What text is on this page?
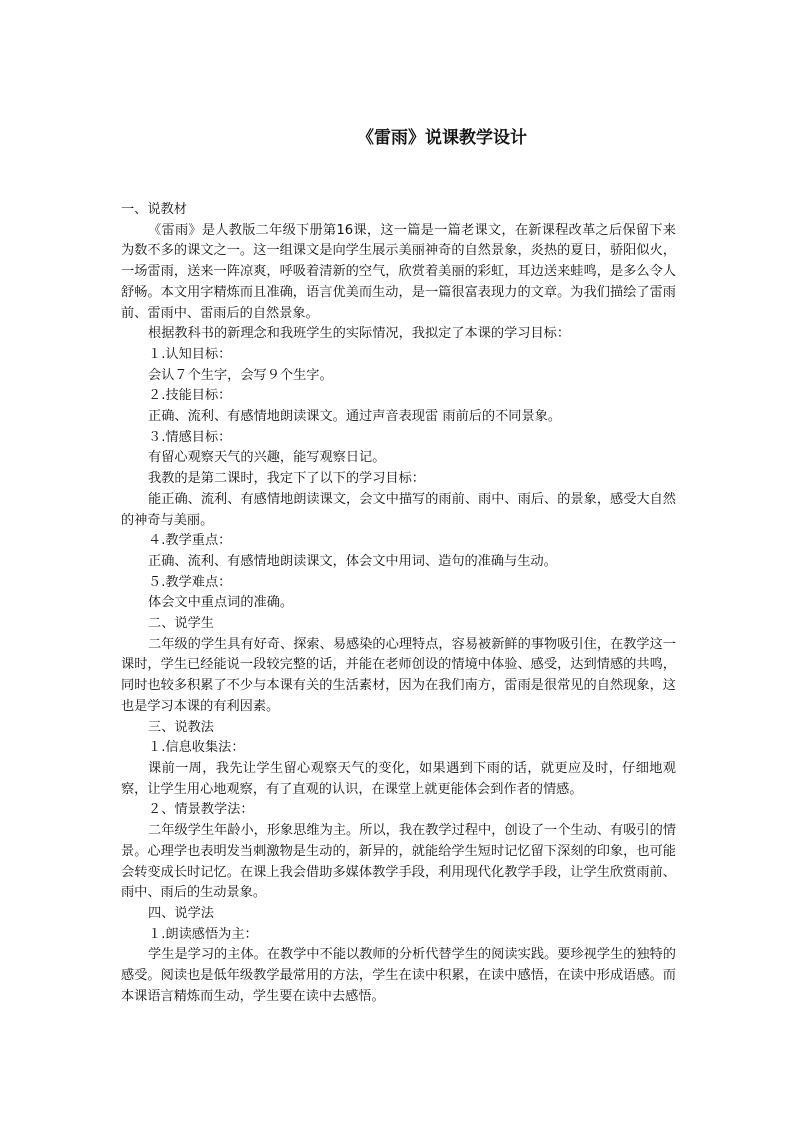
《雷雨》说课教学设计

一、说教材

《雷雨》是人教版二年级下册第16课，这一篇是一篇老课文，在新课程改革之后保留下来为数不多的课文之一。这一组课文是向学生展示美丽神奇的自然景象，炎热的夏日，骄阳似火，一场雷雨，送来一阵凉爽，呼吸着清新的空气，欣赏着美丽的彩虹，耳边送来蛙鸣，是多么令人舒畅。本文用字精炼而且准确，语言优美而生动，是一篇很富表现力的文章。为我们描绘了雷雨前、雷雨中、雷雨后的自然景象。

根据教科书的新理念和我班学生的实际情况，我拟定了本课的学习目标：

１.认知目标：

会认７个生字，会写９个生字。

２.技能目标：

正确、流利、有感情地朗读课文。通过声音表现雷 雨前后的不同景象。

３.情感目标：

有留心观察天气的兴趣，能写观察日记。

我教的是第二课时，我定下了以下的学习目标：

能正确、流利、有感情地朗读课文，会文中描写的雨前、雨中、雨后、的景象，感受大自然的神奇与美丽。

４.教学重点：

正确、流利、有感情地朗读课文，体会文中用词、造句的准确与生动。

５.教学难点：

体会文中重点词的准确。

二、说学生

二年级的学生具有好奇、探索、易感染的心理特点，容易被新鲜的事物吸引住，在教学这一课时，学生已经能说一段较完整的话，并能在老师创设的情境中体验、感受，达到情感的共鸣，同时也较多积累了不少与本课有关的生活素材，因为在我们南方，雷雨是很常见的自然现象，这也是学习本课的有利因素。

三、说教法

１.信息收集法：

课前一周，我先让学生留心观察天气的变化，如果遇到下雨的话，就更应及时，仔细地观察，让学生用心地观察，有了直观的认识，在课堂上就更能体会到作者的情感。

２、情景教学法：

二年级学生年龄小，形象思维为主。所以，我在教学过程中，创设了一个生动、有吸引的情景。心理学也表明发当刺激物是生动的，新异的，就能给学生短时记忆留下深刻的印象，也可能会转变成长时记忆。在课上我会借助多媒体教学手段，利用现代化教学手段，让学生欣赏雨前、雨中、雨后的生动景象。

四、说学法

１.朗读感悟为主：

学生是学习的主体。在教学中不能以教师的分析代替学生的阅读实践。要珍视学生的独特的感受。阅读也是低年级教学最常用的方法，学生在读中积累，在读中感悟，在读中形成语感。而本课语言精炼而生动，学生要在读中去感悟。
